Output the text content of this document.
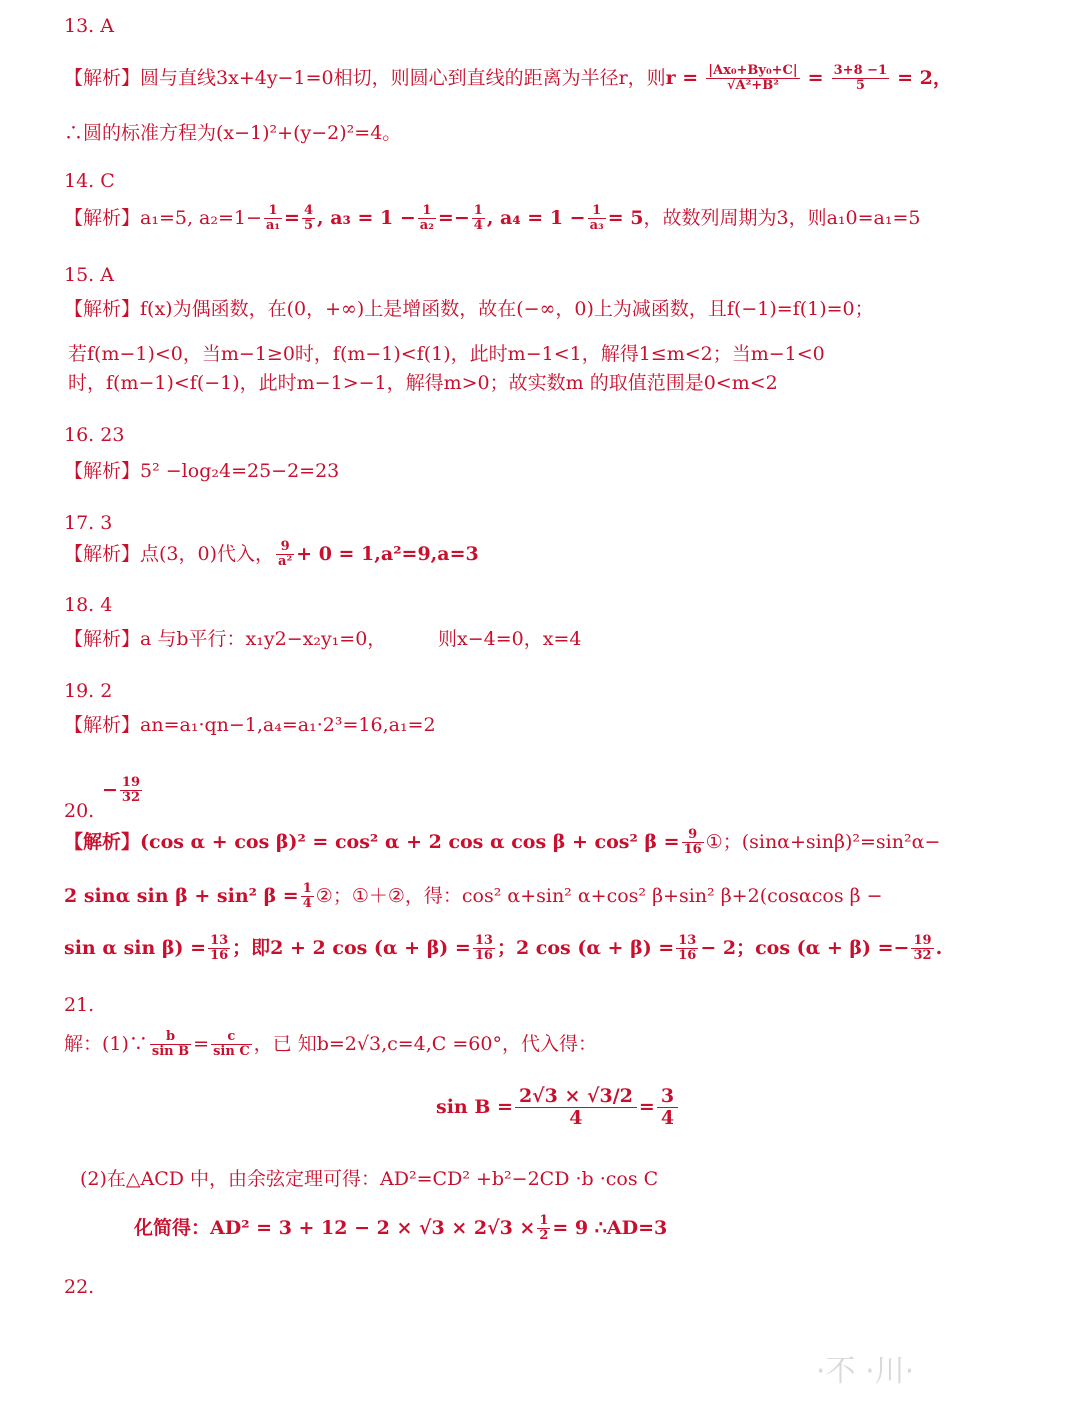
13. A
【解析】圆与直线3x+4y−1=0相切，则圆心到直线的距离为半径r，则$r = \frac{\text{|Ax₀+By₀+C|}}{\text{√A²+B²}} = \frac{3+8 -1}{5} = 2$，
∴圆的标准方程为(x−1)²+(y−2)²=4。
14. C
【解析】a₁=5, $a_2=1- \frac{1}{\text{a₁}} = \frac{4}{5}$ , $a_3 = 1 - \frac{1}{\text{a₂}} =- \frac{1}{4}$ , $a_4 = 1 - \frac{1}{\text{a₃}} = 5$，故数列周期为3，则a₁0=a₁=5
15. A
【解析】f(x)为偶函数，在(0，+∞)上是增函数，故在(−∞，0)上为减函数，且f(−1)=f(1)=0；
若f(m−1)<0，当m−1≥0时，f(m−1)<f(1)，此时m−1<1，解得1≤m<2；当m−1<0
时，f(m−1)<f(−1)，此时m−1>−1，解得m>0；故实数m 的取值范围是0<m<2
16. 23
【解析】5² −log₂4=25−2=23
17. 3
【解析】点(3，0)代入， $\frac{9}{\text{a²}} + 0 = 1,a^2=9,a=3$
18. 4
【解析】a 与b平行：x₁y2−x₂y₁=0，	则x−4=0，x=4
19. 2
【解析】an=a₁·qn−1,a₄=a₁·2³=16,a₁=2
20.
− $\frac{19}{32}$
【解析】(cos α + cos β)² = cos² α + 2 cos α cos β + cos² $\beta = \frac{9}{16}$ ①；(sinα+sinβ)²=sin²α−
2 sinα sin β + sin² $\beta = \frac{1}{4}$ ②；①＋②，得：cos² α+sin² α+cos² β+sin² β+2(cosαcos β −
sin α $\sin \beta) = \frac{13}{16}$ ；即2 + 2 $\cos (\alpha + \beta) = \frac{13}{16}$ ；2 $\cos (\alpha + \beta) = \frac{13}{16} - 2$；$\cos (\alpha + \beta) =- \frac{19}{32}$ .
21.
解：(1)∵ $\frac{b}{\text{sin B}} = \frac{c}{\text{sin C}}$ ，已 知b=2√3,c=4,C =60°，代入得：
$\sin B = \frac{2√3 \times √3/2}{4} = \frac{3}{4}$
(2)在△ACD 中，由余弦定理可得：AD²=CD² +b²−2CD ·b ·cos C
化简得：$AD^2 = 3 + 12 - 2 \times √3 \times 2√3 \times \frac{1}{2} = 9$ ∴AD=3
22.
·不 ·川·
